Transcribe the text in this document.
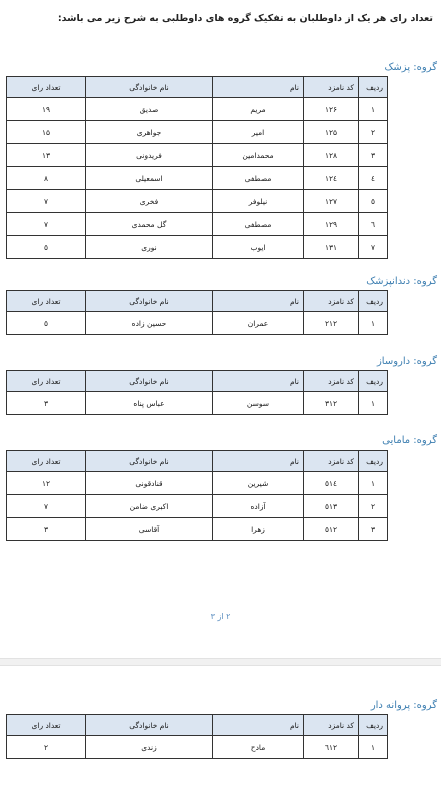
تعداد رای هر یک از داوطلبان به تفکیک گروه های داوطلبی به شرح زیر می باشد:
گروه: پزشک
ردیف	کد نامزد	نام	نام خانوادگی	تعداد رای
۱	۱۲۶	مریم	صدیق	۱۹
۲	۱۲۵	امیر	جواهری	۱۵
۳	۱۲۸	محمدامین	فریدونی	۱۳
٤	۱۲٤	مصطفی	اسمعیلی	۸
٥	۱۲۷	نیلوفر	فخری	۷
٦	۱۲۹	مصطفی	گل محمدی	۷
۷	۱۳۱	ایوب	نوری	٥
گروه: دندانپزشک
ردیف	کد نامزد	نام	نام خانوادگی	تعداد رای
۱	۲۱۲	عمران	حسین زاده	٥
گروه: داروساز
ردیف	کد نامزد	نام	نام خانوادگی	تعداد رای
۱	۳۱۲	سوسن	عباس پناه	۳
گروه: مامایی
ردیف	کد نامزد	نام	نام خانوادگی	تعداد رای
۱	٥۱٤	شیرین	قنادقونی	۱۲
۲	٥۱۳	آزاده	اکبری ضامن	۷
۳	٥۱۲	زهرا	آقاسی	۳
۲ از ۳
گروه: پروانه دار
ردیف	کد نامزد	نام	نام خانوادگی	تعداد رای
۱	٦۱۲	مادح	زندی	۲
